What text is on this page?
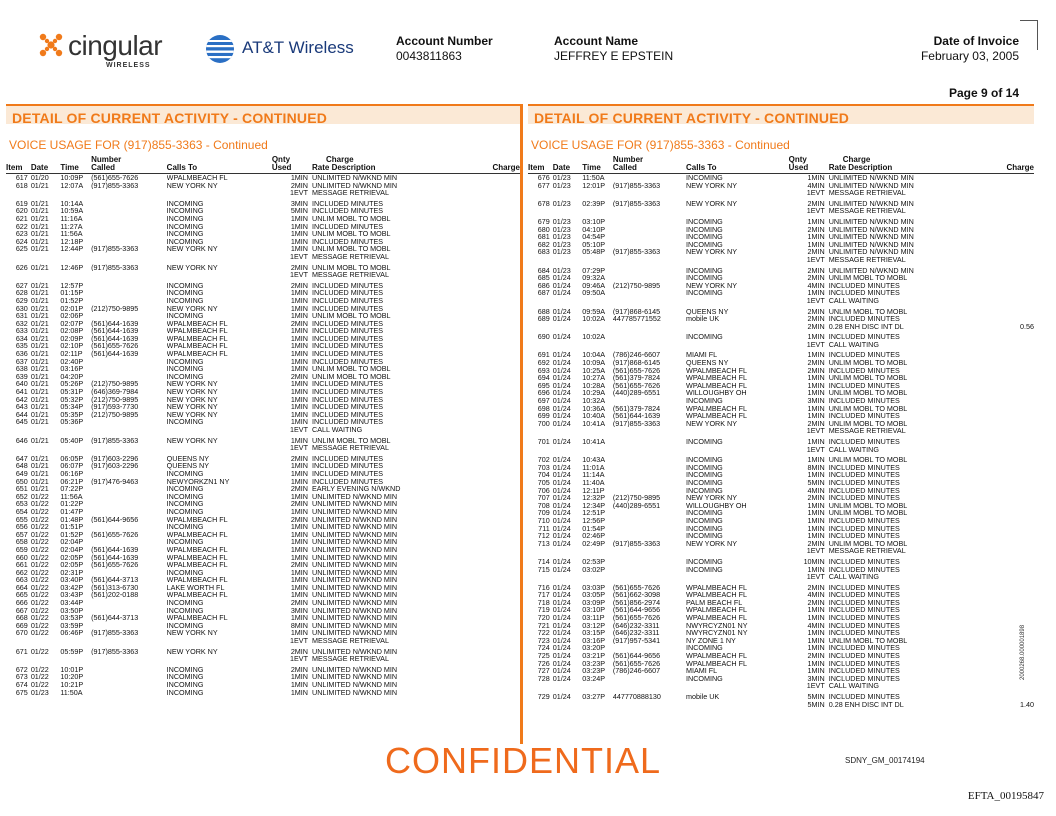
cingular
WIRELESS
AT&T Wireless	Account Number
0043811863
Account Name
JEFFREY E EPSTEIN
Date of Invoice
February 03, 2005
Page 9 of 14
DETAIL OF CURRENT ACTIVITY - CONTINUED
VOICE USAGE FOR (917)855-3363 - Continued
			Number		Qnty	Charge	
Item	Date	Time	Called	Calls To	Used	Rate Description	Charge
617	01/20	10:09P	(561)655-7626	WPALMBEACH FL	1MIN	UNLIMITED N/WKND MIN	
618	01/21	12:07A	(917)855-3363	NEW YORK NY	2MIN	UNLIMITED N/WKND MIN	
					1EVT	MESSAGE RETRIEVAL	
619	01/21	10:14A		INCOMING	3MIN	INCLUDED MINUTES	
620	01/21	10:59A		INCOMING	5MIN	INCLUDED MINUTES	
621	01/21	11:16A		INCOMING	1MIN	UNLIM MOBL TO MOBL	
622	01/21	11:27A		INCOMING	1MIN	INCLUDED MINUTES	
623	01/21	11:56A		INCOMING	1MIN	UNLIM MOBL TO MOBL	
624	01/21	12:18P		INCOMING	1MIN	INCLUDED MINUTES	
625	01/21	12:44P	(917)855-3363	NEW YORK NY	1MIN	UNLIM MOBL TO MOBL	
					1EVT	MESSAGE RETRIEVAL	
626	01/21	12:46P	(917)855-3363	NEW YORK NY	2MIN	UNLIM MOBL TO MOBL	
					1EVT	MESSAGE RETRIEVAL	
627	01/21	12:57P		INCOMING	2MIN	INCLUDED MINUTES	
628	01/21	01:15P		INCOMING	1MIN	INCLUDED MINUTES	
629	01/21	01:52P		INCOMING	1MIN	INCLUDED MINUTES	
630	01/21	02:01P	(212)750-9895	NEW YORK NY	1MIN	INCLUDED MINUTES	
631	01/21	02:06P		INCOMING	1MIN	UNLIM MOBL TO MOBL	
632	01/21	02:07P	(561)644-1639	WPALMBEACH FL	2MIN	INCLUDED MINUTES	
633	01/21	02:08P	(561)644-1639	WPALMBEACH FL	1MIN	INCLUDED MINUTES	
634	01/21	02:09P	(561)644-1639	WPALMBEACH FL	1MIN	INCLUDED MINUTES	
635	01/21	02:10P	(561)655-7626	WPALMBEACH FL	1MIN	INCLUDED MINUTES	
636	01/21	02:11P	(561)644-1639	WPALMBEACH FL	1MIN	INCLUDED MINUTES	
637	01/21	02:40P		INCOMING	1MIN	INCLUDED MINUTES	
638	01/21	03:16P		INCOMING	1MIN	UNLIM MOBL TO MOBL	
639	01/21	04:20P		INCOMING	2MIN	UNLIM MOBL TO MOBL	
640	01/21	05:26P	(212)750-9895	NEW YORK NY	1MIN	INCLUDED MINUTES	
641	01/21	05:31P	(646)369-7984	NEW YORK NY	1MIN	INCLUDED MINUTES	
642	01/21	05:32P	(212)750-9895	NEW YORK NY	1MIN	INCLUDED MINUTES	
643	01/21	05:34P	(917)593-7730	NEW YORK NY	1MIN	INCLUDED MINUTES	
644	01/21	05:35P	(212)750-9895	NEW YORK NY	1MIN	INCLUDED MINUTES	
645	01/21	05:36P		INCOMING	1MIN	INCLUDED MINUTES	
					1EVT	CALL WAITING	
646	01/21	05:40P	(917)855-3363	NEW YORK NY	1MIN	UNLIM MOBL TO MOBL	
					1EVT	MESSAGE RETRIEVAL	
647	01/21	06:05P	(917)603-2296	QUEENS NY	2MIN	INCLUDED MINUTES	
648	01/21	06:07P	(917)603-2296	QUEENS NY	1MIN	INCLUDED MINUTES	
649	01/21	06:16P		INCOMING	1MIN	INCLUDED MINUTES	
650	01/21	06:21P	(917)476-9463	NEWYORKZN1 NY	1MIN	INCLUDED MINUTES	
651	01/21	07:22P		INCOMING	2MIN	EARLY EVENING N/WKND	
652	01/22	11:56A		INCOMING	1MIN	UNLIMITED N/WKND MIN	
653	01/22	01:22P		INCOMING	2MIN	UNLIMITED N/WKND MIN	
654	01/22	01:47P		INCOMING	1MIN	UNLIMITED N/WKND MIN	
655	01/22	01:48P	(561)644-9656	WPALMBEACH FL	2MIN	UNLIMITED N/WKND MIN	
656	01/22	01:51P		INCOMING	1MIN	UNLIMITED N/WKND MIN	
657	01/22	01:52P	(561)655-7626	WPALMBEACH FL	1MIN	UNLIMITED N/WKND MIN	
658	01/22	02:04P		INCOMING	1MIN	UNLIMITED N/WKND MIN	
659	01/22	02:04P	(561)644-1639	WPALMBEACH FL	1MIN	UNLIMITED N/WKND MIN	
660	01/22	02:05P	(561)644-1639	WPALMBEACH FL	1MIN	UNLIMITED N/WKND MIN	
661	01/22	02:05P	(561)655-7626	WPALMBEACH FL	2MIN	UNLIMITED N/WKND MIN	
662	01/22	02:31P		INCOMING	1MIN	UNLIMITED N/WKND MIN	
663	01/22	03:40P	(561)644-3713	WPALMBEACH FL	1MIN	UNLIMITED N/WKND MIN	
664	01/22	03:42P	(561)313-6730	LAKE WORTH FL	1MIN	UNLIMITED N/WKND MIN	
665	01/22	03:43P	(561)202-0188	WPALMBEACH FL	1MIN	UNLIMITED N/WKND MIN	
666	01/22	03:44P		INCOMING	2MIN	UNLIMITED N/WKND MIN	
667	01/22	03:50P		INCOMING	3MIN	UNLIMITED N/WKND MIN	
668	01/22	03:53P	(561)644-3713	WPALMBEACH FL	1MIN	UNLIMITED N/WKND MIN	
669	01/22	03:59P		INCOMING	8MIN	UNLIMITED N/WKND MIN	
670	01/22	06:46P	(917)855-3363	NEW YORK NY	1MIN	UNLIMITED N/WKND MIN	
					1EVT	MESSAGE RETRIEVAL	
671	01/22	05:59P	(917)855-3363	NEW YORK NY	2MIN	UNLIMITED N/WKND MIN	
					1EVT	MESSAGE RETRIEVAL	
672	01/22	10:01P		INCOMING	2MIN	UNLIMITED N/WKND MIN	
673	01/22	10:20P		INCOMING	1MIN	UNLIMITED N/WKND MIN	
674	01/22	10:21P		INCOMING	1MIN	UNLIMITED N/WKND MIN	
675	01/23	11:50A		INCOMING	1MIN	UNLIMITED N/WKND MIN	
DETAIL OF CURRENT ACTIVITY - CONTINUED
VOICE USAGE FOR (917)855-3363 - Continued
			Number		Qnty	Charge	
Item	Date	Time	Called	Calls To	Used	Rate Description	Charge
676	01/23	11:50A		INCOMING	1MIN	UNLIMITED N/WKND MIN	
677	01/23	12:01P	(917)855-3363	NEW YORK NY	4MIN	UNLIMITED N/WKND MIN	
					1EVT	MESSAGE RETRIEVAL	
678	01/23	02:39P	(917)855-3363	NEW YORK NY	2MIN	UNLIMITED N/WKND MIN	
					1EVT	MESSAGE RETRIEVAL	
679	01/23	03:10P		INCOMING	1MIN	UNLIMITED N/WKND MIN	
680	01/23	04:10P		INCOMING	2MIN	UNLIMITED N/WKND MIN	
681	01/23	04:54P		INCOMING	1MIN	UNLIMITED N/WKND MIN	
682	01/23	05:10P		INCOMING	1MIN	UNLIMITED N/WKND MIN	
683	01/23	05:48P	(917)855-3363	NEW YORK NY	2MIN	UNLIMITED N/WKND MIN	
					1EVT	MESSAGE RETRIEVAL	
684	01/23	07:29P		INCOMING	2MIN	UNLIMITED N/WKND MIN	
685	01/24	09:32A		INCOMING	2MIN	UNLIM MOBL TO MOBL	
686	01/24	09:46A	(212)750-9895	NEW YORK NY	4MIN	INCLUDED MINUTES	
687	01/24	09:50A		INCOMING	1MIN	INCLUDED MINUTES	
					1EVT	CALL WAITING	
688	01/24	09:59A	(917)868-6145	QUEENS NY	2MIN	UNLIM MOBL TO MOBL	
689	01/24	10:02A	447785771552	mobile UK	2MIN	INCLUDED MINUTES	
					2MIN	0.28 ENH DISC INT DL	0.56
690	01/24	10:02A		INCOMING	1MIN	INCLUDED MINUTES	
					1EVT	CALL WAITING	
691	01/24	10:04A	(786)246-6607	MIAMI FL	1MIN	INCLUDED MINUTES	
692	01/24	10:09A	(917)868-6145	QUEENS NY	2MIN	UNLIM MOBL TO MOBL	
693	01/24	10:25A	(561)655-7626	WPALMBEACH FL	2MIN	INCLUDED MINUTES	
694	01/24	10:27A	(561)379-7824	WPALMBEACH FL	1MIN	UNLIM MOBL TO MOBL	
695	01/24	10:28A	(561)655-7626	WPALMBEACH FL	1MIN	INCLUDED MINUTES	
696	01/24	10:29A	(440)289-6551	WILLOUGHBY OH	1MIN	UNLIM MOBL TO MOBL	
697	01/24	10:32A		INCOMING	3MIN	INCLUDED MINUTES	
698	01/24	10:36A	(561)379-7824	WPALMBEACH FL	1MIN	UNLIM MOBL TO MOBL	
699	01/24	10:40A	(561)644-1639	WPALMBEACH FL	1MIN	INCLUDED MINUTES	
700	01/24	10:41A	(917)855-3363	NEW YORK NY	2MIN	UNLIM MOBL TO MOBL	
					1EVT	MESSAGE RETRIEVAL	
701	01/24	10:41A		INCOMING	1MIN	INCLUDED MINUTES	
					1EVT	CALL WAITING	
702	01/24	10:43A		INCOMING	1MIN	UNLIM MOBL TO MOBL	
703	01/24	11:01A		INCOMING	8MIN	INCLUDED MINUTES	
704	01/24	11:14A		INCOMING	1MIN	INCLUDED MINUTES	
705	01/24	11:40A		INCOMING	5MIN	INCLUDED MINUTES	
706	01/24	12:11P		INCOMING	4MIN	INCLUDED MINUTES	
707	01/24	12:32P	(212)750-9895	NEW YORK NY	2MIN	INCLUDED MINUTES	
708	01/24	12:34P	(440)289-6551	WILLOUGHBY OH	1MIN	UNLIM MOBL TO MOBL	
709	01/24	12:51P		INCOMING	1MIN	UNLIM MOBL TO MOBL	
710	01/24	12:56P		INCOMING	1MIN	INCLUDED MINUTES	
711	01/24	01:54P		INCOMING	1MIN	INCLUDED MINUTES	
712	01/24	02:46P		INCOMING	1MIN	INCLUDED MINUTES	
713	01/24	02:49P	(917)855-3363	NEW YORK NY	2MIN	UNLIM MOBL TO MOBL	
					1EVT	MESSAGE RETRIEVAL	
714	01/24	02:53P		INCOMING	10MIN	INCLUDED MINUTES	
715	01/24	03:02P		INCOMING	1MIN	INCLUDED MINUTES	
					1EVT	CALL WAITING	
716	01/24	03:03P	(561)655-7626	WPALMBEACH FL	2MIN	INCLUDED MINUTES	
717	01/24	03:05P	(561)662-3098	WPALMBEACH FL	4MIN	INCLUDED MINUTES	
718	01/24	03:09P	(561)856-2974	PALM BEACH FL	2MIN	INCLUDED MINUTES	
719	01/24	03:10P	(561)644-9656	WPALMBEACH FL	1MIN	INCLUDED MINUTES	
720	01/24	03:11P	(561)655-7626	WPALMBEACH FL	1MIN	INCLUDED MINUTES	
721	01/24	03:12P	(646)232-3311	NWYRCYZN01 NY	4MIN	INCLUDED MINUTES	
722	01/24	03:15P	(646)232-3311	NWYRCYZN01 NY	1MIN	INCLUDED MINUTES	
723	01/24	03:16P	(917)957-5341	NY ZONE 1 NY	1MIN	UNLIM MOBL TO MOBL	
724	01/24	03:20P		INCOMING	1MIN	INCLUDED MINUTES	
725	01/24	03:21P	(561)644-9656	WPALMBEACH FL	2MIN	INCLUDED MINUTES	
726	01/24	03:23P	(561)655-7626	WPALMBEACH FL	1MIN	INCLUDED MINUTES	
727	01/24	03:23P	(786)246-6607	MIAMI FL	1MIN	INCLUDED MINUTES	
728	01/24	03:24P		INCOMING	3MIN	INCLUDED MINUTES	
					1EVT	CALL WAITING	
729	01/24	03:27P	447770888130	mobile UK	5MIN	INCLUDED MINUTES	
					5MIN	0.28 ENH DISC INT DL	1.40
CONFIDENTIAL	SDNY_GM_00174194
2000268.000001898
EFTA_00195847
